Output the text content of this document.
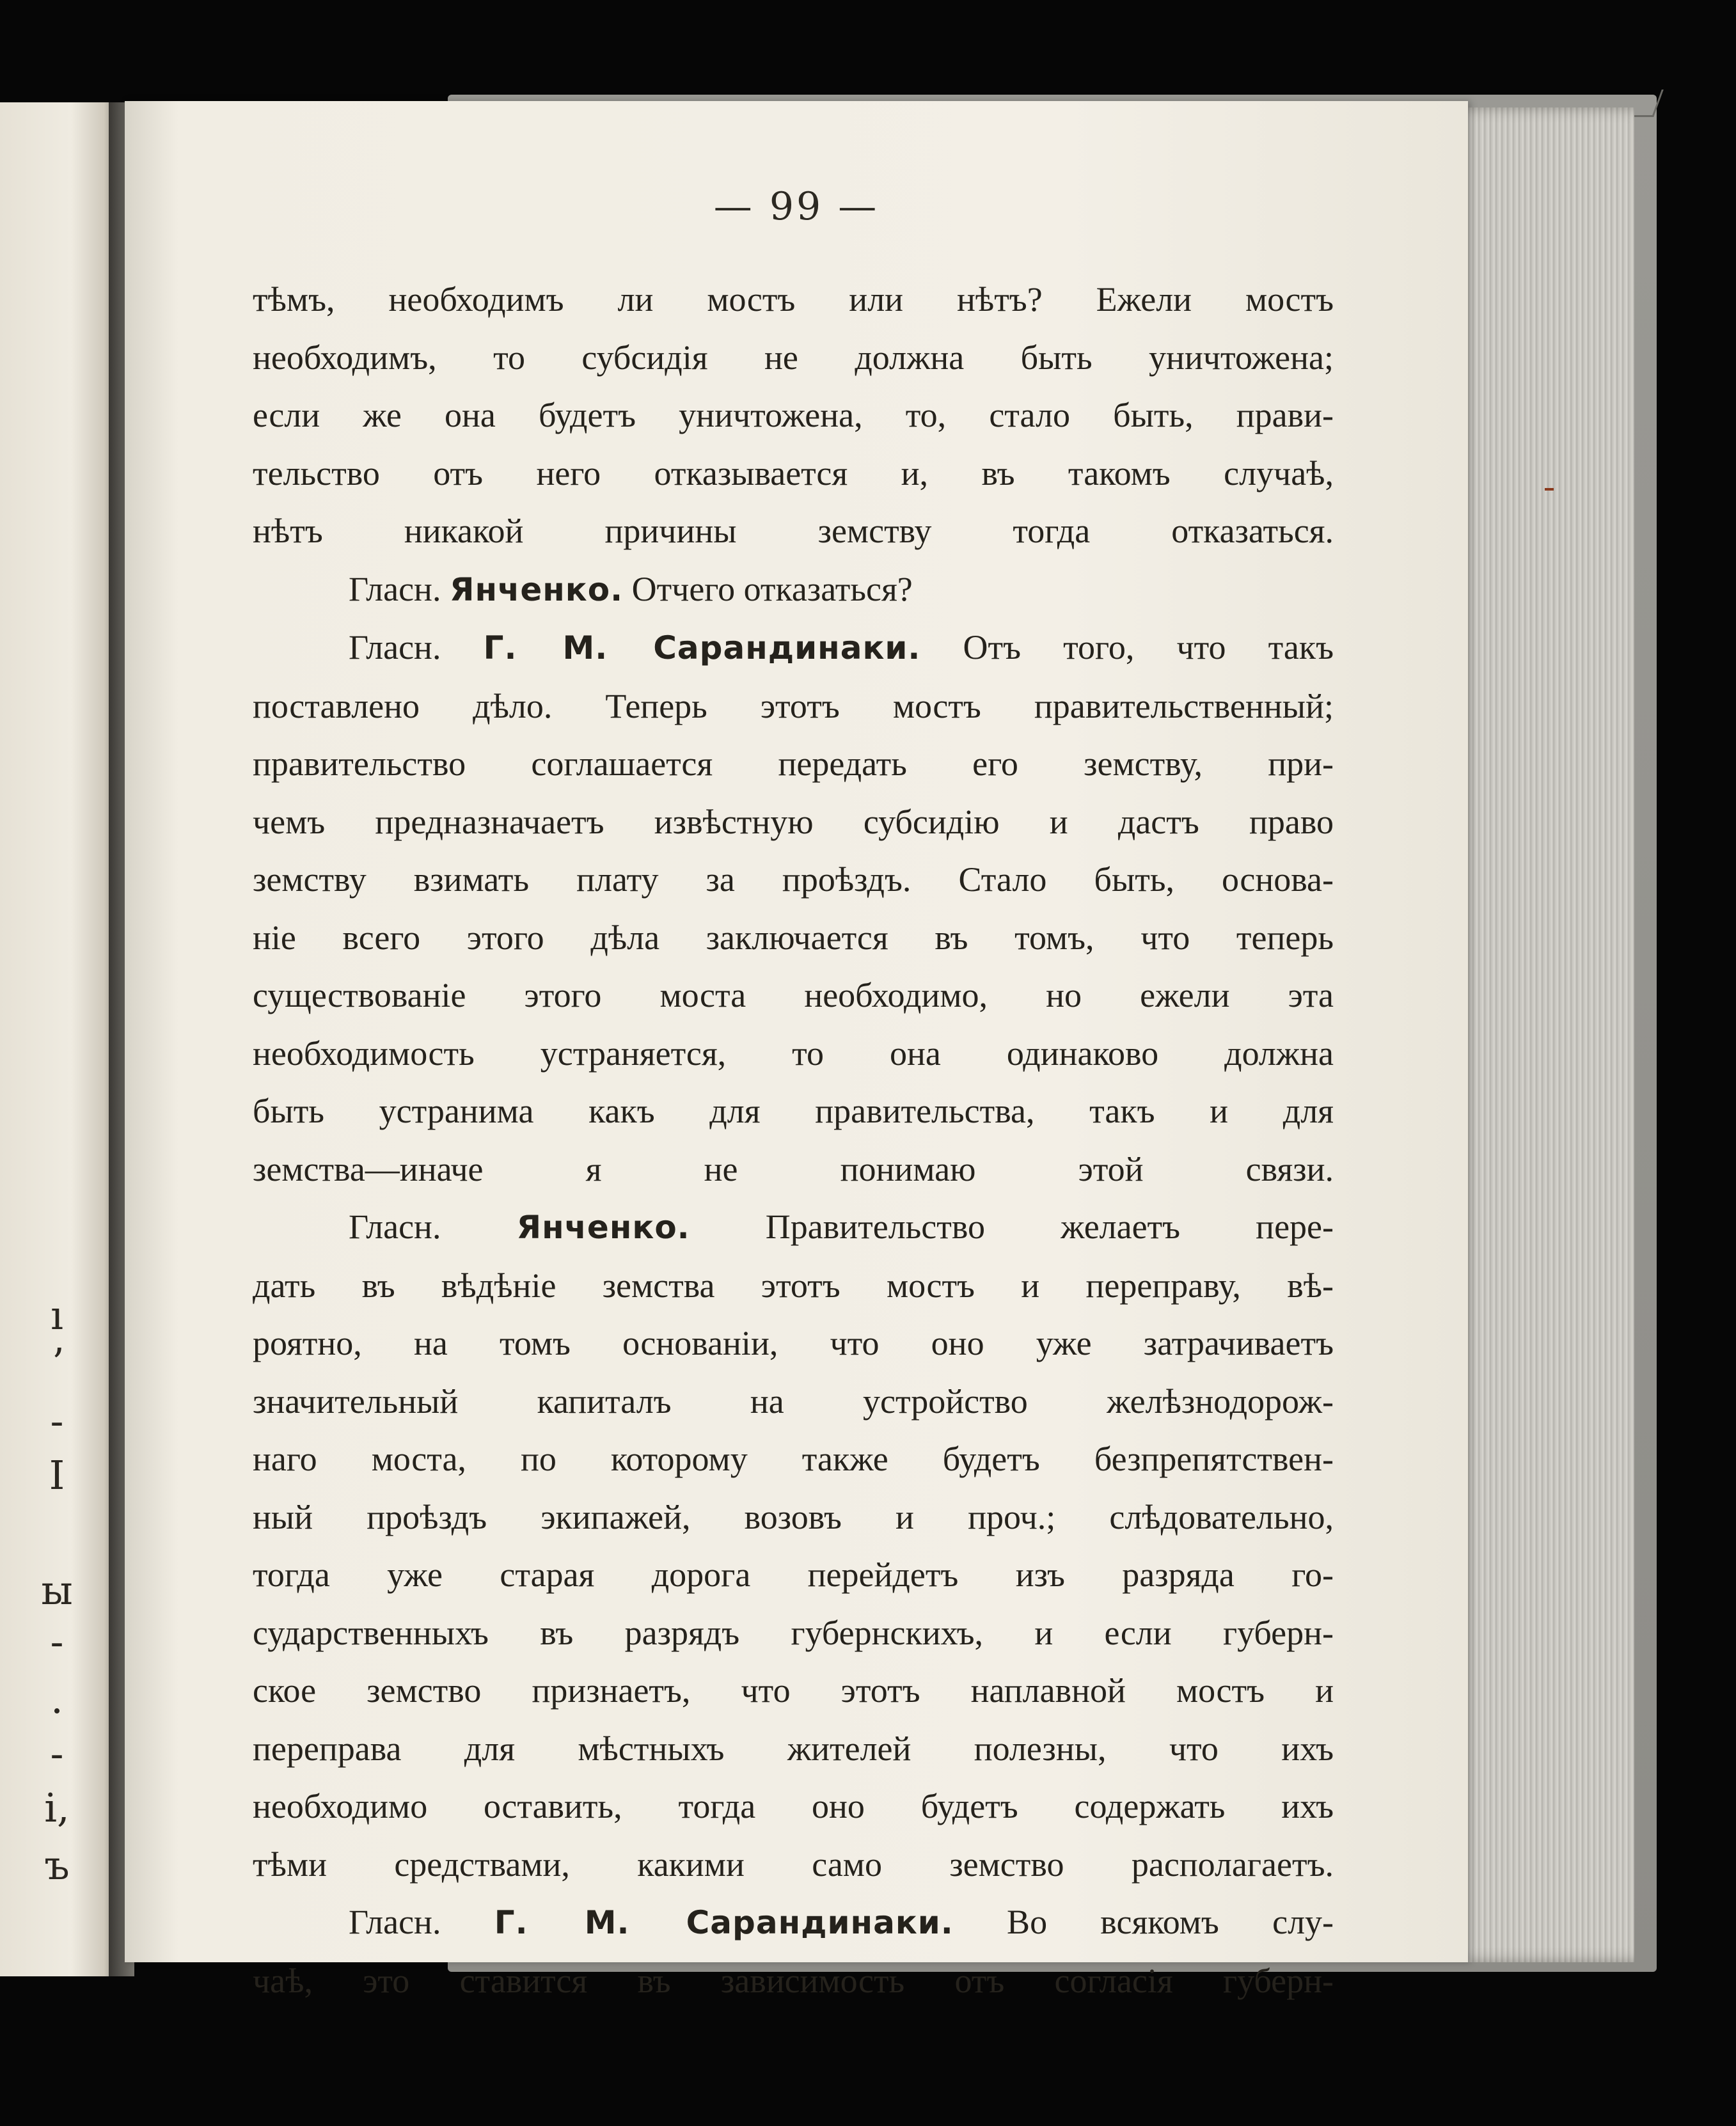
ı
ʼ
-
I
ы
-
.
-
і,
ъ
— 99 —
тѣмъ, необходимъ ли мостъ или нѣтъ? Ежели мостъ
необходимъ, то субсидія не должна быть уничтожена;
если же она будетъ уничтожена, то, стало быть, прави-
тельство отъ него отказывается и, въ такомъ случаѣ,
нѣтъ никакой причины земству тогда отказаться.
Гласн. Янченко. Отчего отказаться?
Гласн. Г. М. Сарандинаки. Отъ того, что такъ
поставлено дѣло. Теперь этотъ мостъ правительственный;
правительство соглашается передать его земству, при-
чемъ предназначаетъ извѣстную субсидію и дастъ право
земству взимать плату за проѣздъ. Стало быть, основа-
ніе всего этого дѣла заключается въ томъ, что теперь
существованіе этого моста необходимо, но ежели эта
необходимость устраняется, то она одинаково должна
быть устранима какъ для правительства, такъ и для
земства—иначе я не понимаю этой связи.
Гласн. Янченко. Правительство желаетъ пере-
дать въ вѣдѣніе земства этотъ мостъ и переправу, вѣ-
роятно, на томъ основаніи, что оно уже затрачиваетъ
значительный капиталъ на устройство желѣзнодорож-
наго моста, по которому также будетъ безпрепятствен-
ный проѣздъ экипажей, возовъ и проч.; слѣдовательно,
тогда уже старая дорога перейдетъ изъ разряда го-
сударственныхъ въ разрядъ губернскихъ, и если губерн-
ское земство признаетъ, что этотъ наплавной мостъ и
переправа для мѣстныхъ жителей полезны, что ихъ
необходимо оставить, тогда оно будетъ содержать ихъ
тѣми средствами, какими само земство располагаетъ.
Гласн. Г. М. Сарандинаки. Во всякомъ слу-
чаѣ, это ставится въ зависимость отъ согласія губерн-
